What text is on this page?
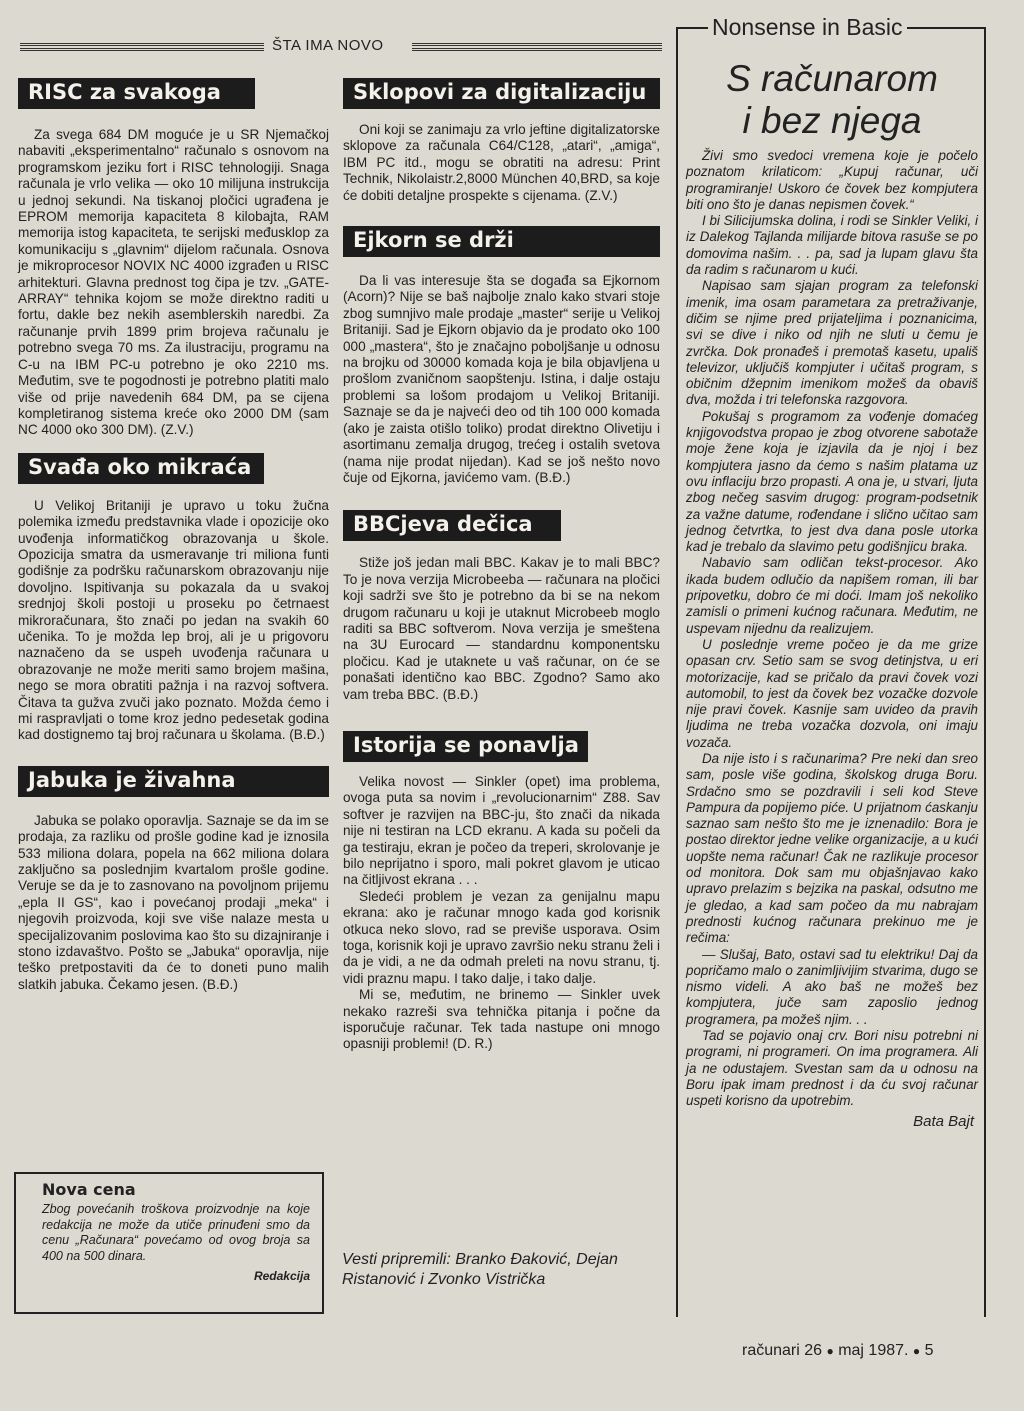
ŠTA IMA NOVO
Nonsense in Basic
RISC za svakoga

Za svega 684 DM moguće je u SR Njemačkoj nabaviti „eksperimentalno“ računalo s osnovom na programskom jeziku fort i RISC tehnologiji. Snaga računala je vrlo velika — oko 10 milijuna instrukcija u jednoj sekundi. Na tiskanoj pločici ugrađena je EPROM memorija kapaciteta 8 kilobajta, RAM memorija istog kapaciteta, te serijski međusklop za komunikaciju s „glavnim“ dijelom računala. Osnova je mikroprocesor NOVIX NC 4000 izgrađen u RISC arhitekturi. Glavna prednost tog čipa je tzv. „GATE-ARRAY“ tehnika kojom se može direktno raditi u fortu, dakle bez nekih asemblerskih naredbi. Za računanje prvih 1899 prim brojeva računalu je potrebno svega 70 ms. Za ilustraciju, programu na C-u na IBM PC-u potrebno je oko 2210 ms. Međutim, sve te pogodnosti je potrebno platiti malo više od prije navedenih 684 DM, pa se cijena kompletiranog sistema kreće oko 2000 DM (sam NC 4000 oko 300 DM). (Z.V.)

Svađa oko mikraća

U Velikoj Britaniji je upravo u toku žučna polemika između predstavnika vlade i opozicije oko uvođenja informatičkog obrazovanja u škole. Opozicija smatra da usmeravanje tri miliona funti godišnje za podršku računarskom obrazovanju nije dovoljno. Ispitivanja su pokazala da u svakoj srednjoj školi postoji u proseku po četrnaest mikroračunara, što znači po jedan na svakih 60 učenika. To je možda lep broj, ali je u prigovoru naznačeno da se uspeh uvođenja računara u obrazovanje ne može meriti samo brojem mašina, nego se mora obratiti pažnja i na razvoj softvera. Čitava ta gužva zvuči jako poznato. Možda ćemo i mi raspravljati o tome kroz jedno pedesetak godina kad dostignemo taj broj računara u školama. (B.Đ.)

Jabuka je živahna

Jabuka se polako oporavlja. Saznaje se da im se prodaja, za razliku od prošle godine kad je iznosila 533 miliona dolara, popela na 662 miliona dolara zaključno sa poslednjim kvartalom prošle godine. Veruje se da je to zasnovano na povoljnom prijemu „epla II GS“, kao i povećanoj prodaji „meka“ i njegovih proizvoda, koji sve više nalaze mesta u specijalizovanim poslovima kao što su dizajniranje i stono izdavaštvo. Pošto se „Jabuka“ oporavlja, nije teško pretpostaviti da će to doneti puno malih slatkih jabuka. Čekamo jesen. (B.Đ.)

Nova cena

Zbog povećanih troškova proizvodnje na koje redakcija ne može da utiče prinuđeni smo da cenu „Računara“ povećamo od ovog broja sa 400 na 500 dinara.

Redakcija
Sklopovi za digitalizaciju

Oni koji se zanimaju za vrlo jeftine digitalizatorske sklopove za računala C64/C128, „atari“, „amiga“, IBM PC itd., mogu se obratiti na adresu: Print Technik, Nikolaistr.2,8000 München 40,BRD, sa koje će dobiti detaljne prospekte s cijenama. (Z.V.)

Ejkorn se drži

Da li vas interesuje šta se događa sa Ejkornom (Acorn)? Nije se baš najbolje znalo kako stvari stoje zbog sumnjivo male prodaje „master“ serije u Velikoj Britaniji. Sad je Ejkorn objavio da je prodato oko 100 000 „mastera“, što je značajno poboljšanje u odnosu na brojku od 30000 komada koja je bila objavljena u prošlom zvaničnom saopštenju. Istina, i dalje ostaju problemi sa lošom prodajom u Velikoj Britaniji. Saznaje se da je najveći deo od tih 100 000 komada (ako je zaista otišlo toliko) prodat direktno Olivetiju i asortimanu zemalja drugog, trećeg i ostalih svetova (nama nije prodat nijedan). Kad se još nešto novo čuje od Ejkorna, javićemo vam. (B.Đ.)

BBCjeva dečica

Stiže još jedan mali BBC. Kakav je to mali BBC? To je nova verzija Microbeeba — računara na pločici koji sadrži sve što je potrebno da bi se na nekom drugom računaru u koji je utaknut Microbeeb moglo raditi sa BBC softverom. Nova verzija je smeštena na 3U Eurocard — standardnu komponentsku pločicu. Kad je utaknete u vaš računar, on će se ponašati identično kao BBC. Zgodno? Samo ako vam treba BBC. (B.Đ.)

Istorija se ponavlja

Velika novost — Sinkler (opet) ima problema, ovoga puta sa novim i „revolucionarnim“ Z88. Sav softver je razvijen na BBC-ju, što znači da nikada nije ni testiran na LCD ekranu. A kada su počeli da ga testiraju, ekran je počeo da treperi, skrolovanje je bilo neprijatno i sporo, mali pokret glavom je uticao na čitljivost ekrana . . .

Sledeći problem je vezan za genijalnu mapu ekrana: ako je računar mnogo kada god korisnik otkuca neko slovo, rad se previše usporava. Osim toga, korisnik koji je upravo završio neku stranu želi i da je vidi, a ne da odmah preleti na novu stranu, tj. vidi praznu mapu. I tako dalje, i tako dalje.

Mi se, međutim, ne brinemo — Sinkler uvek nekako razreši sva tehnička pitanja i počne da isporučuje računar. Tek tada nastupe oni mnogo opasniji problemi! (D. R.)

Vesti pripremili: Branko Đaković, Dejan Ristanović i Zvonko Vistrička
S računarom
i bez njega

Živi smo svedoci vremena koje je počelo poznatom krilaticom: „Kupuj računar, uči programiranje! Uskoro će čovek bez kompjutera biti ono što je danas nepismen čovek.“

I bi Silicijumska dolina, i rodi se Sinkler Veliki, i iz Dalekog Tajlanda milijarde bitova rasuše se po domovima našim. . . pa, sad ja lupam glavu šta da radim s računarom u kući.

Napisao sam sjajan program za telefonski imenik, ima osam parametara za pretraživanje, dičim se njime pred prijateljima i poznanicima, svi se dive i niko od njih ne sluti u čemu je zvrčka. Dok pronađeš i premotaš kasetu, upališ televizor, uključiš kompjuter i učitaš program, s običnim džepnim imenikom možeš da obaviš dva, možda i tri telefonska razgovora.

Pokušaj s programom za vođenje domaćeg knjigovodstva propao je zbog otvorene sabotaže moje žene koja je izjavila da je njoj i bez kompjutera jasno da ćemo s našim platama uz ovu inflaciju brzo propasti. A ona je, u stvari, ljuta zbog nečeg sasvim drugog: program-podsetnik za važne datume, rođendane i slično učitao sam jednog četvrtka, to jest dva dana posle utorka kad je trebalo da slavimo petu godišnjicu braka.

Nabavio sam odličan tekst-procesor. Ako ikada budem odlučio da napišem roman, ili bar pripovetku, dobro će mi doći. Imam još nekoliko zamisli o primeni kućnog računara. Međutim, ne uspevam nijednu da realizujem.

U poslednje vreme počeo je da me grize opasan crv. Setio sam se svog detinjstva, u eri motorizacije, kad se pričalo da pravi čovek vozi automobil, to jest da čovek bez vozačke dozvole nije pravi čovek. Kasnije sam uvideo da pravih ljudima ne treba vozačka dozvola, oni imaju vozača.

Da nije isto i s računarima? Pre neki dan sreo sam, posle više godina, školskog druga Boru. Srdačno smo se pozdravili i seli kod Steve Pampura da popijemo piće. U prijatnom ćaskanju saznao sam nešto što me je iznenadilo: Bora je postao direktor jedne velike organizacije, a u kući uopšte nema računar! Čak ne razlikuje procesor od monitora. Dok sam mu objašnjavao kako upravo prelazim s bejzika na paskal, odsutno me je gledao, a kad sam počeo da mu nabrajam prednosti kućnog računara prekinuo me je rečima:

— Slušaj, Bato, ostavi sad tu elektriku! Daj da popričamo malo o zanimljivijim stvarima, dugo se nismo videli. A ako baš ne možeš bez kompjutera, juče sam zaposlio jednog programera, pa možeš njim. . .

Tad se pojavio onaj crv. Bori nisu potrebni ni programi, ni programeri. On ima programera. Ali ja ne odustajem. Svestan sam da u odnosu na Boru ipak imam prednost i da ću svoj računar uspeti korisno da upotrebim.

Bata Bajt
računari 26 ● maj 1987. ● 5
